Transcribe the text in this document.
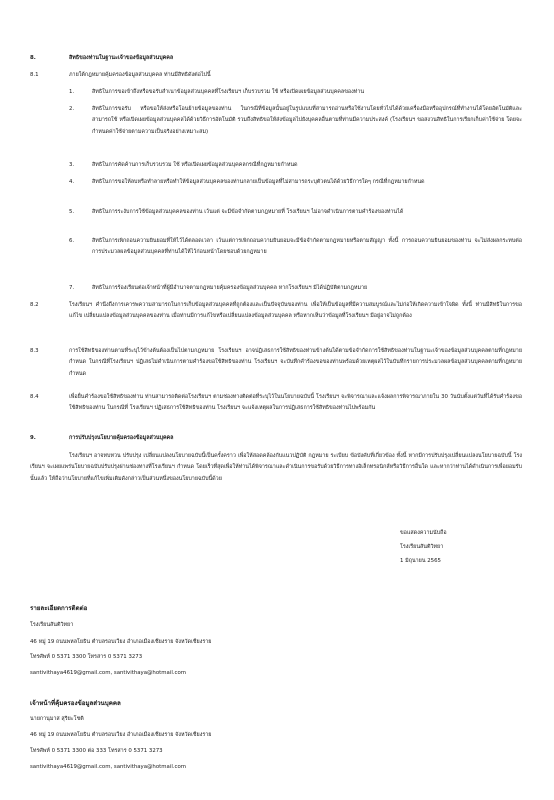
8.	สิทธิของท่านในฐานะเจ้าของข้อมูลส่วนบุคคล
8.1	ภายใต้กฎหมายคุ้มครองข้อมูลส่วนบุคคล ท่านมีสิทธิดังต่อไปนี้
1.	สิทธิในการขอเข้าถึงหรือขอรับสำเนาข้อมูลส่วนบุคคลที่โรงเรียนฯ เก็บรวบรวม ใช้ หรือเปิดเผยข้อมูลส่วนบุคคลของท่าน
2.	สิทธิในการขอรับ หรือขอให้ส่งหรือโอนย้ายข้อมูลของท่าน ในกรณีที่ข้อมูลนั้นอยู่ในรูปแบบที่สามารถอ่านหรือใช้งานโดยทั่วไปได้ด้วยเครื่องมือหรืออุปกรณ์ที่ทำงานได้โดยอัตโนมัติและสามารถใช้ หรือเปิดเผยข้อมูลส่วนบุคคลได้ด้วยวิธีการอัตโนมัติ รวมถึงสิทธิขอให้ส่งข้อมูลไปยังบุคคลอื่นตามที่ท่านมีความประสงค์ (โรงเรียนฯ ขอสงวนสิทธิในการเรียกเก็บค่าใช้จ่าย โดยจะกำหนดค่าใช้จ่ายตามความเป็นจริงอย่างเหมาะสม)
3.	สิทธิในการคัดค้านการเก็บรวบรวม ใช้ หรือเปิดเผยข้อมูลส่วนบุคคลกรณีที่กฎหมายกำหนด
4.	สิทธิในการขอให้ลบหรือทำลายหรือทำให้ข้อมูลส่วนบุคคลของท่านกลายเป็นข้อมูลที่ไม่สามารถระบุตัวตนได้ด้วยวิธีการใดๆ กรณีที่กฎหมายกำหนด
5.	สิทธิในการระงับการใช้ข้อมูลส่วนบุคคลของท่าน เว้นแต่ จะมีข้อจำกัดตามกฎหมายที่ โรงเรียนฯ ไม่อาจดำเนินการตามคำร้องของท่านได้
6.	สิทธิในการเพิกถอนความยินยอมที่ให้ไว้ได้ตลอดเวลา เว้นแต่การเพิกถอนความยินยอมจะมีข้อจำกัดตามกฎหมายหรือตามสัญญา ทั้งนี้ การถอนความยินยอมของท่าน จะไม่ส่งผลกระทบต่อการประมวลผลข้อมูลส่วนบุคคลที่ท่านได้ให้ไว้ก่อนหน้าโดยชอบด้วยกฎหมาย
7.	สิทธิในการร้องเรียนต่อเจ้าหน้าที่ผู้มีอำนาจตามกฎหมายคุ้มครองข้อมูลส่วนบุคคล หากโรงเรียนฯ มิได้ปฏิบัติตามกฎหมาย
8.2	โรงเรียนฯ คำนึงถึงการเคารพความสามารถในการเก็บข้อมูลส่วนบุคคลที่ถูกต้องและเป็นปัจจุบันของท่าน เพื่อให้เป็นข้อมูลที่มีความสมบูรณ์และไม่ก่อให้เกิดความเข้าใจผิด ทั้งนี้ ท่านมีสิทธิในการขอแก้ไข เปลี่ยนแปลงข้อมูลส่วนบุคคลของท่าน เมื่อท่านมีการแก้ไขหรือเปลี่ยนแปลงข้อมูลส่วนบุคคล หรือหากเห็นว่าข้อมูลที่โรงเรียนฯ มีอยู่อาจไม่ถูกต้อง
8.3	การใช้สิทธิของท่านตามที่ระบุไว้ข้างต้นต้องเป็นไปตามกฎหมาย โรงเรียนฯ อาจปฏิเสธการใช้สิทธิของท่านข้างต้นได้ตามข้อจำกัดการใช้สิทธิของท่านในฐานะเจ้าของข้อมูลส่วนบุคคลตามที่กฎหมายกำหนด ในกรณีที่โรงเรียนฯ ปฏิเสธไม่ดำเนินการตามคำร้องขอใช้สิทธิของท่าน โรงเรียนฯ จะบันทึกคำร้องขอของท่านพร้อมด้วยเหตุผลไว้ในบันทึกรายการประมวลผลข้อมูลส่วนบุคคลตามที่กฎหมายกำหนด
8.4	เพื่อยื่นคำร้องขอใช้สิทธิของท่าน ท่านสามารถติดต่อโรงเรียนฯ ตามช่องทางติดต่อที่ระบุไว้ในนโยบายฉบับนี้ โรงเรียนฯ จะพิจารณาและแจ้งผลการพิจารณาภายใน 30 วันนับตั้งแต่วันที่ได้รับคำร้องขอใช้สิทธิของท่าน ในกรณีที่ โรงเรียนฯ ปฏิเสธการใช้สิทธิของท่าน โรงเรียนฯ จะแจ้งเหตุผลในการปฏิเสธการใช้สิทธิของท่านไปพร้อมกัน
9.	การปรับปรุงนโยบายคุ้มครองข้อมูลส่วนบุคคล
โรงเรียนฯ อาจทบทวน ปรับปรุง เปลี่ยนแปลงนโยบายฉบับนี้เป็นครั้งคราว เพื่อให้สอดคล้องกับแนวปฏิบัติ กฎหมาย ระเบียบ ข้อบังคับที่เกี่ยวข้อง ทั้งนี้ หากมีการปรับปรุงเปลี่ยนแปลงนโยบายฉบับนี้ โรงเรียนฯ จะเผยแพร่นโยบายฉบับปรับปรุงผ่านช่องทางที่โรงเรียนฯ กำหนด โดยเร็วที่สุดเพื่อให้ท่านได้พิจารณาและดำเนินการขอรับด้วยวิธีการทางอิเล็กทรอนิกส์หรือวิธีการอื่นใด และหากว่าท่านได้ดำเนินการเพื่อยอมรับนั้นแล้ว ให้ถือว่านโยบายที่แก้ไขเพิ่มเติมดังกล่าวเป็นส่วนหนึ่งของนโยบายฉบับนี้ด้วย
ขอแสดงความนับถือ
โรงเรียนสันติวิทยา
1 มิถุนายน 2565
รายละเอียดการติดต่อ
โรงเรียนสันติวิทยา
46 หมู่ 19 ถนนพหลโยธิน ตำบลรอบเวียง อำเภอเมืองเชียงราย จังหวัดเชียงราย
โทรศัพท์ 0 5371 3300 โทรสาร 0 5371 3273
santivithaya4619@gmail.com, santivithaya@hotmail.com
เจ้าหน้าที่คุ้มครองข้อมูลส่วนบุคคล
นายกานุมาส สุริยะโชติ
46 หมู่ 19 ถนนพหลโยธิน ตำบลรอบเวียง อำเภอเมืองเชียงราย จังหวัดเชียงราย
โทรศัพท์ 0 5371 3300 ต่อ 333 โทรสาร 0 5371 3273
santivithaya4619@gmail.com, santivithaya@hotmail.com
